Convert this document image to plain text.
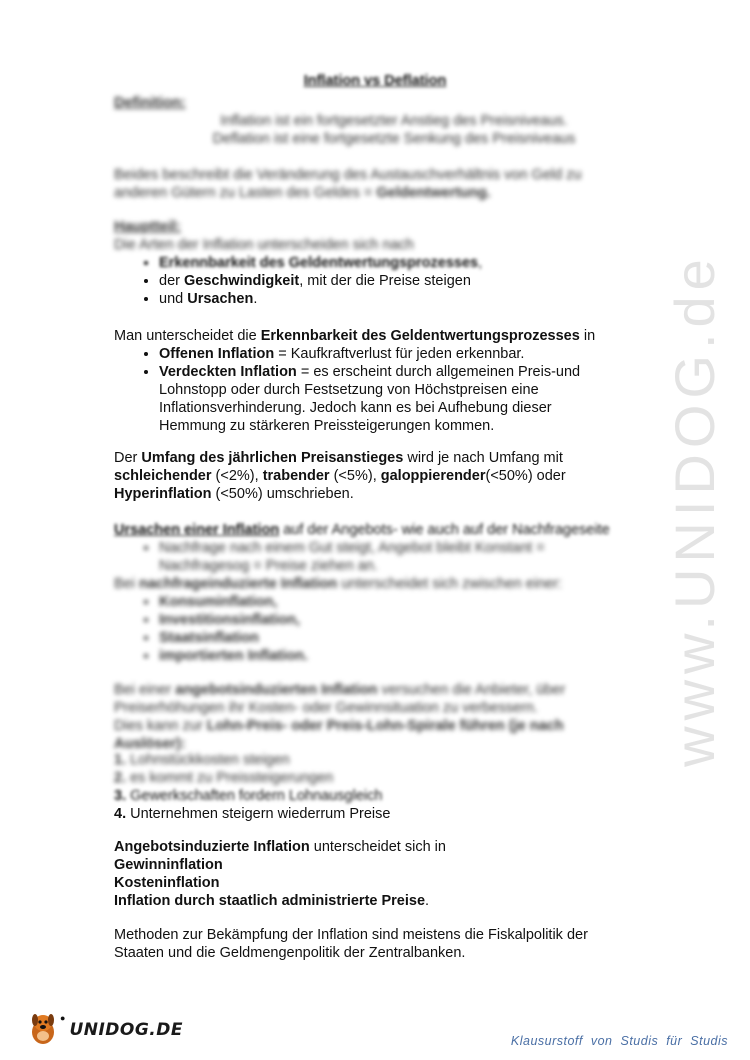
www.UNIDOG.de
Inflation vs Deflation
Definition:
Inflation ist ein fortgesetzter Anstieg des Preisniveaus.
Deflation ist eine fortgesetzte Senkung des Preisniveaus
Beides beschreibt die Veränderung des Austauschverhältnis von Geld zu anderen Gütern zu Lasten des Geldes = Geldentwertung.
Hauptteil:
Die Arten der Inflation unterscheiden sich nach
• Erkennbarkeit des Geldentwertungsprozesses,
• der Geschwindigkeit, mit der die Preise steigen
• und Ursachen.

Man unterscheidet die Erkennbarkeit des Geldentwertungsprozesses in

• Offenen Inflation = Kaufkraftverlust für jeden erkennbar.
• Verdeckten Inflation = es erscheint durch allgemeinen Preis-und Lohnstopp oder durch Festsetzung von Höchstpreisen eine Inflationsverhinderung. Jedoch kann es bei Aufhebung dieser Hemmung zu stärkeren Preissteigerungen kommen.
Der Umfang des jährlichen Preisanstieges wird je nach Umfang mit schleichender (<2%), trabender (<5%), galoppierender(<50%) oder Hyperinflation (<50%) umschrieben.
Ursachen einer Inflation auf der Angebots- wie auch auf der Nachfrageseite
• Nachfrage nach einem Gut steigt, Angebot bleibt Konstant = Nachfragesog = Preise ziehen an.

Bei nachfrageinduzierte Inflation unterscheidet sich zwischen einer:

• Konsuminflation,
• Investitionsinflation,
• Staatsinflation
• importierten Inflation.

Bei einer angebotsinduzierten Inflation versuchen die Anbieter, über Preiserhöhungen ihr Kosten- oder Gewinnsituation zu verbessern.

Dies kann zur Lohn-Preis- oder Preis-Lohn-Spirale führen (je nach Auslöser):

1. Lohnstückkosten steigen
2. es kommt zu Preissteigerungen
3. Gewerkschaften fordern Lohnausgleich
4. Unternehmen steigern wiederrum Preise

Angebotsinduzierte Inflation unterscheidet sich in

Gewinninflation

Kosteninflation

Inflation durch staatlich administrierte Preise.

Methoden zur Bekämpfung der Inflation sind meistens die Fiskalpolitik der Staaten und die Geldmengenpolitik der Zentralbanken.
●
UNIDOG.DE
Klausurstoff von Studis für Studis
